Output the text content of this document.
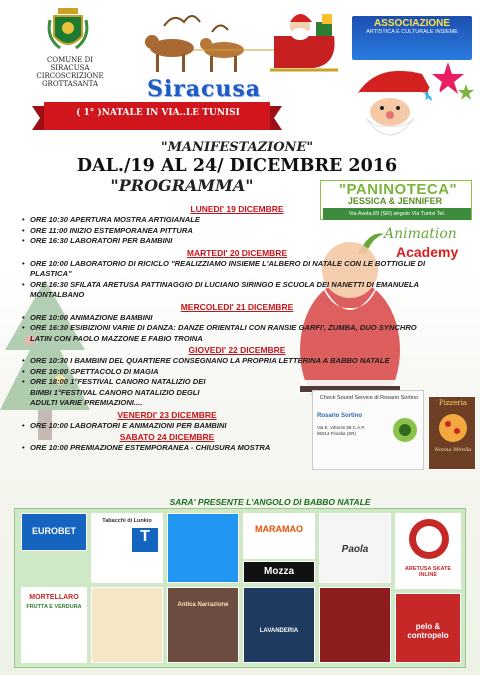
COMUNE DI SIRACUSA
CIRCOSCRIZIONE
GROTTASANTA
ASSOCIAZIONE
ARTISTICA E CULTURALE INSIEME
Siracusa
( 1° )NATALE IN VIA..LE TUNISI
"MANIFESTAZIONE"
DAL./19 AL 24/ DICEMBRE 2016
"PROGRAMMA"	"PANINOTECA"
JESSICA & JENNIFER
Via Avola,69 (SR) angolo Via Tunisi Tel.
Animation
Academy
LUNEDI' 19 DICEMBRE
• ORE 10:30 APERTURA MOSTRA ARTIGIANALE
• ORE 11:00 INIZIO ESTEMPORANEA PITTURA
• ORE 16:30 LABORATORI PER BAMBINI
MARTEDI' 20 DICEMBRE
• ORE 10:00 LABORATORIO DI RICICLO "REALIZZIAMO INSIEME L'ALBERO DI NATALE CON LE BOTTIGLIE DI PLASTICA"
• ORE 16:30 SFILATA ARETUSA PATTINAGGIO DI LUCIANO SIRINGO E SCUOLA DEI NANETTI DI EMANUELA MONTALBANO
MERCOLEDI' 21 DICEMBRE
• ORE 10:00 ANIMAZIONE BAMBINI
• ORE 16:30 ESIBIZIONI VARIE DI DANZA: DANZE ORIENTALI CON RANSIE GARFI', ZUMBA, DUO SYNCHRO LATIN CON PAOLO MAZZONE E FABIO TROINA
GIOVEDI' 22 DICEMBRE
• ORE 10:30 I BAMBINI DEL QUARTIERE CONSEGNANO LA PROPRIA LETTERINA A BABBO NATALE
• ORE 16:00 SPETTACOLO DI MAGIA
• ORE 18:00 1°FESTIVAL CANORO NATALIZIO DEI BIMBI 1°FESTIVAL CANORO NATALIZIO DEGLI ADULTI VARIE PREMIAZIONI....
VENERDI' 23 DICEMBRE
• ORE 10:00 LABORATORI E ANIMAZIONI PER BAMBINI
SABATO 24 DICEMBRE
• ORE 10:00 PREMIAZIONE ESTEMPORANEA - CHIUSURA MOSTRA
Check Sound Service di Rosario Sortino
Rosario Sortino
Via E. Vittorini 58 C.A.P. 96014 Floridia (SR)
Pizzeria
Nonna Mirella
SARA' PRESENTE L'ANGOLO DI BABBO NATALE
EUROBET
Tabacchi di Lunkio
T	MARAMAO
Paola
ARETUSA SKATE INLINE
Mozza
MORTELLARO
FRUTTA E VERDURA	Antica Narrazione
LAVANDERIA	pelo & contropelo
